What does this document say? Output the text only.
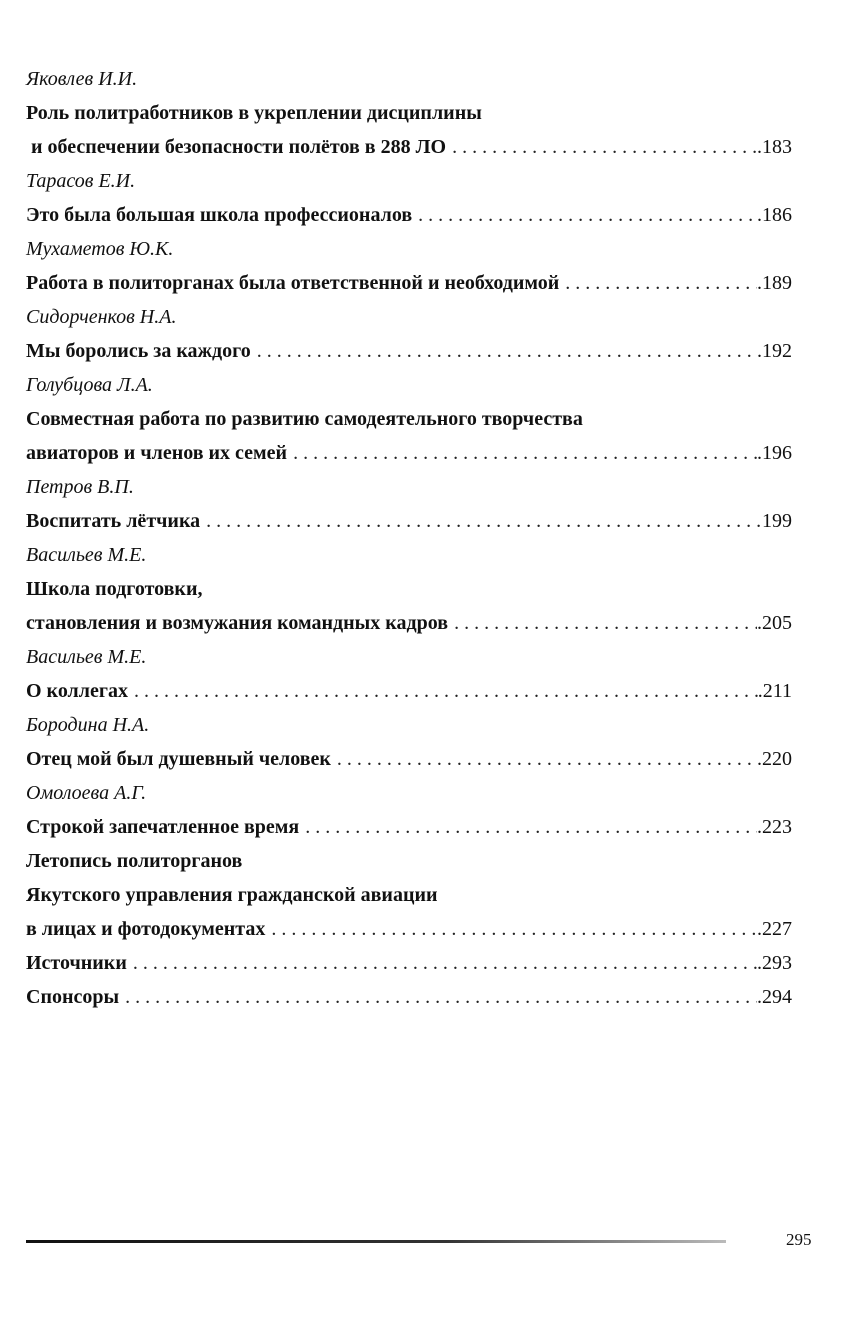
Яковлев И.И.
Роль политработников в укреплении дисциплины
и обеспечении безопасности полётов в 288 ЛО . . .	.183
Тарасов Е.И.
Это была большая школа профессионалов . . .	.186
Мухаметов Ю.К.
Работа в политорганах была ответственной и необходимой . . .	.189
Сидорченков Н.А.
Мы боролись за каждого . . .	.192
Голубцова Л.А.
Совместная работа по развитию самодеятельного творчества
авиаторов и членов их семей . . .	.196
Петров В.П.
Воспитать лётчика . . .	199
Васильев М.Е.
Школа подготовки,
становления и возмужания командных кадров . . .	.205
Васильев М.Е.
О коллегах . . .	.211
Бородина Н.А.
Отец мой был душевный человек . . .	.220
Омолоева А.Г.
Строкой запечатленное время . . .	.223
Летопись политорганов
Якутского управления гражданской авиации
в лицах и фотодокументах . . .	.227
Источники . . .	.293
Спонсоры . . .	.294
295
